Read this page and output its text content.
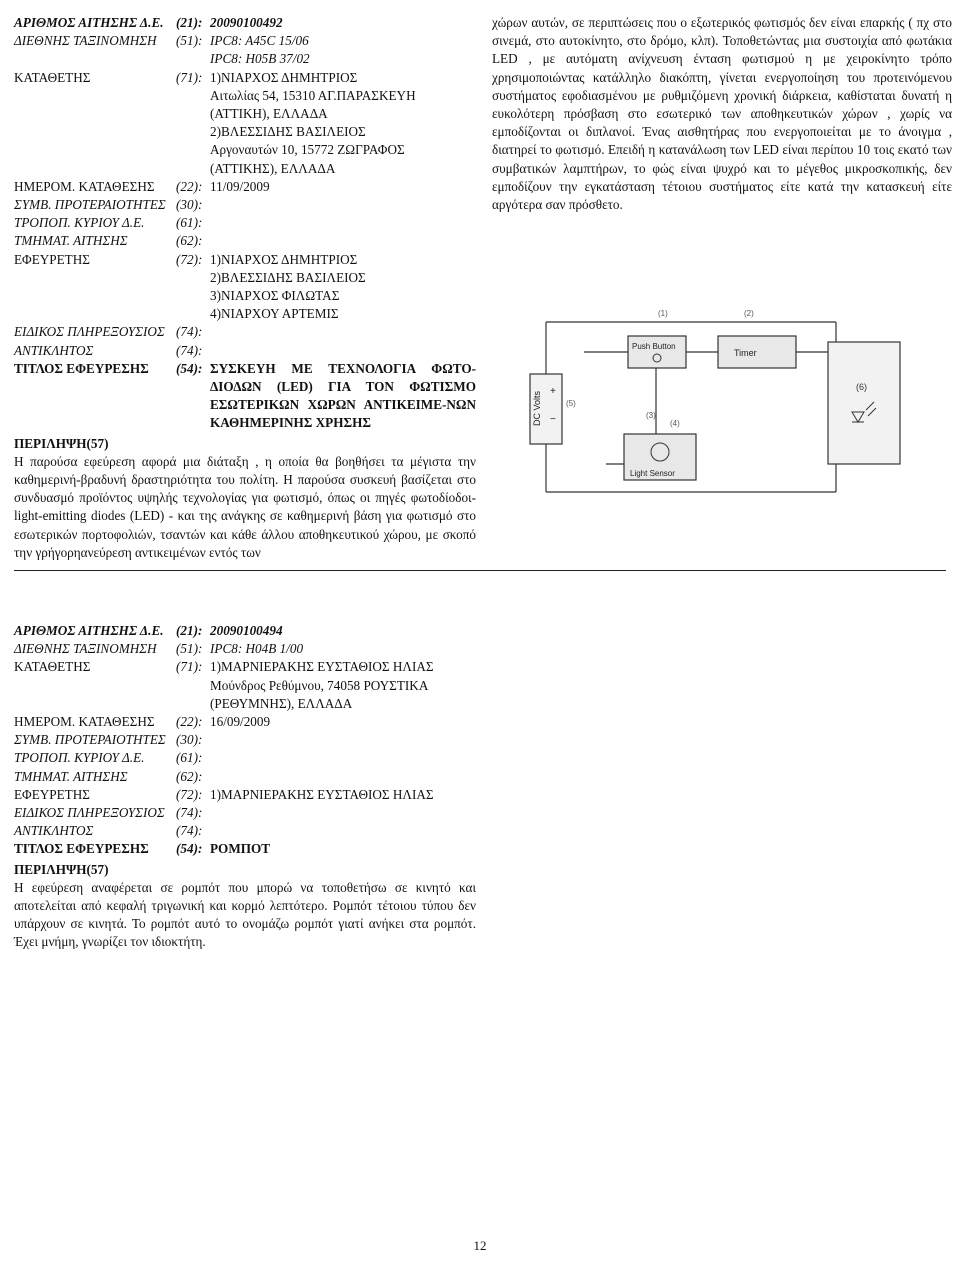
ΑΡΙΘΜΟΣ ΑΙΤΗΣΗΣ Δ.Ε. (21): 20090100492
ΔΙΕΘΝΗΣ ΤΑΞΙΝΟΜΗΣΗ	(51): IPC8: A45C 15/06
IPC8: H05B 37/02
ΚΑΤΑΘΕΤΗΣ	(71): 1)ΝΙΑΡΧΟΣ ΔΗΜΗΤΡΙΟΣ
Αιτωλίας 54, 15310 ΑΓ.ΠΑΡΑΣΚΕΥΗ
(ΑΤΤΙΚΗ), ΕΛΛΑΔΑ
2)ΒΛΕΣΣΙΔΗΣ ΒΑΣΙΛΕΙΟΣ
Αργοναυτών 10, 15772 ΖΩΓΡΑΦΟΣ
(ΑΤΤΙΚΗΣ), ΕΛΛΑΔΑ
ΗΜΕΡΟΜ. ΚΑΤΑΘΕΣΗΣ	(22): 11/09/2009
ΣΥΜΒ. ΠΡΟΤΕΡΑΙΟΤΗΤΕΣ (30):
ΤΡΟΠΟΠ. ΚΥΡΙΟΥ Δ.Ε.	(61):
ΤΜΗΜΑΤ. ΑΙΤΗΣΗΣ	(62):
ΕΦΕΥΡΕΤΗΣ	(72): 1)ΝΙΑΡΧΟΣ ΔΗΜΗΤΡΙΟΣ
2)ΒΛΕΣΣΙΔΗΣ ΒΑΣΙΛΕΙΟΣ
3)ΝΙΑΡΧΟΣ ΦΙΛΩΤΑΣ
4)ΝΙΑΡΧΟΥ ΑΡΤΕΜΙΣ
ΕΙΔΙΚΟΣ ΠΛΗΡΕΞΟΥΣΙΟΣ (74):
ΑΝΤΙΚΛΗΤΟΣ	(74):
ΤΙΤΛΟΣ ΕΦΕΥΡΕΣΗΣ	(54): ΣΥΣΚΕΥΗ ΜΕ ΤΕΧΝΟΛΟΓΙΑ ΦΩΤΟ-ΔΙΟΔΩΝ (LED) ΓΙΑ ΤΟΝ ΦΩΤΙΣΜΟ ΕΣΩΤΕΡΙΚΩΝ ΧΩΡΩΝ ΑΝΤΙΚΕΙΜΕ-ΝΩΝ ΚΑΘΗΜΕΡΙΝΗΣ ΧΡΗΣΗΣ
ΠΕΡΙΛΗΨΗ(57)

Η παρούσα εφεύρεση αφορά μια διάταξη , η οποία θα βοηθήσει τα μέγιστα την καθημερινή-βραδυνή δραστηριότητα του πολίτη. Η παρούσα συσκευή βασίζεται στο συνδυασμό προϊόντος υψηλής τεχνολογίας για φωτισμό, όπως οι πηγές φωτοδίοδοι- light-emitting diodes (LED) - και της ανάγκης σε καθημερινή βάση για φωτισμό στο εσωτερικών πορτοφολιών, τσαντών και κάθε άλλου αποθηκευτικού χώρου, με σκοπό την γρήγορηανεύρεση αντικειμένων εντός των

χώρων αυτών, σε περιπτώσεις που ο εξωτερικός φωτισμός δεν είναι επαρκής ( πχ στο σινεμά, στο αυτοκίνητο, στο δρόμο, κλπ). Τοποθετώντας μια συστοιχία από φωτάκια LED , με αυτόματη ανίχνευση ένταση φωτισμού η με χειροκίνητο τρόπο χρησιμοποιώντας κατάλληλο διακόπτη, γίνεται ενεργοποίηση του προτεινόμενου συστήματος εφοδιασμένου με ρυθμιζόμενη χρονική διάρκεια, καθίσταται δυνατή η ευκολότερη πρόσβαση στο εσωτερικό των αποθηκευτικών χώρων , χωρίς να εμποδίζονται οι διπλανοί. Ένας αισθητήρας που ενεργοποιείται με το άνοιγμα , διατηρεί το φωτισμό. Επειδή η κατανάλωση των LED είναι περίπου 10 τοις εκατό των συμβατικών λαμπτήρων, το φώς είναι ψυχρό και το μέγεθος μικροσκοπικής, δεν εμποδίζουν την εγκατάσταση τέτοιου συστήματος είτε κατά την κατασκευή είτε αργότερα σαν πρόσθετο.

DC Volts +
−
Push Button
Timer
Light Sensor
(1)	(2)
(3)
(4)
(5)
(6)
ΑΡΙΘΜΟΣ ΑΙΤΗΣΗΣ Δ.Ε. (21): 20090100494
ΔΙΕΘΝΗΣ ΤΑΞΙΝΟΜΗΣΗ	(51): IPC8: H04B 1/00
ΚΑΤΑΘΕΤΗΣ	(71): 1)ΜΑΡΝΙΕΡΑΚΗΣ ΕΥΣΤΑΘΙΟΣ ΗΛΙΑΣ
Μούνδρος Ρεθύμνου, 74058 ΡΟΥΣΤΙΚΑ
(ΡΕΘΥΜΝΗΣ), ΕΛΛΑΔΑ
ΗΜΕΡΟΜ. ΚΑΤΑΘΕΣΗΣ	(22): 16/09/2009
ΣΥΜΒ. ΠΡΟΤΕΡΑΙΟΤΗΤΕΣ (30):
ΤΡΟΠΟΠ. ΚΥΡΙΟΥ Δ.Ε.	(61):
ΤΜΗΜΑΤ. ΑΙΤΗΣΗΣ	(62):
ΕΦΕΥΡΕΤΗΣ	(72): 1)ΜΑΡΝΙΕΡΑΚΗΣ ΕΥΣΤΑΘΙΟΣ ΗΛΙΑΣ
ΕΙΔΙΚΟΣ ΠΛΗΡΕΞΟΥΣΙΟΣ (74):
ΑΝΤΙΚΛΗΤΟΣ	(74):
ΤΙΤΛΟΣ ΕΦΕΥΡΕΣΗΣ	(54): ΡΟΜΠΟΤ
ΠΕΡΙΛΗΨΗ(57)

Η εφεύρεση αναφέρεται σε ρομπότ που μπορώ να τοποθετήσω σε κινητό και αποτελείται από κεφαλή τριγωνική και κορμό λεπτότερο. Ρομπότ τέτοιου τύπου δεν υπάρχουν σε κινητά. Το ρομπότ αυτό το ονομάζω ρομπότ γιατί ανήκει στα ρομπότ. Έχει μνήμη, γνωρίζει τον ιδιοκτήτη.

12
